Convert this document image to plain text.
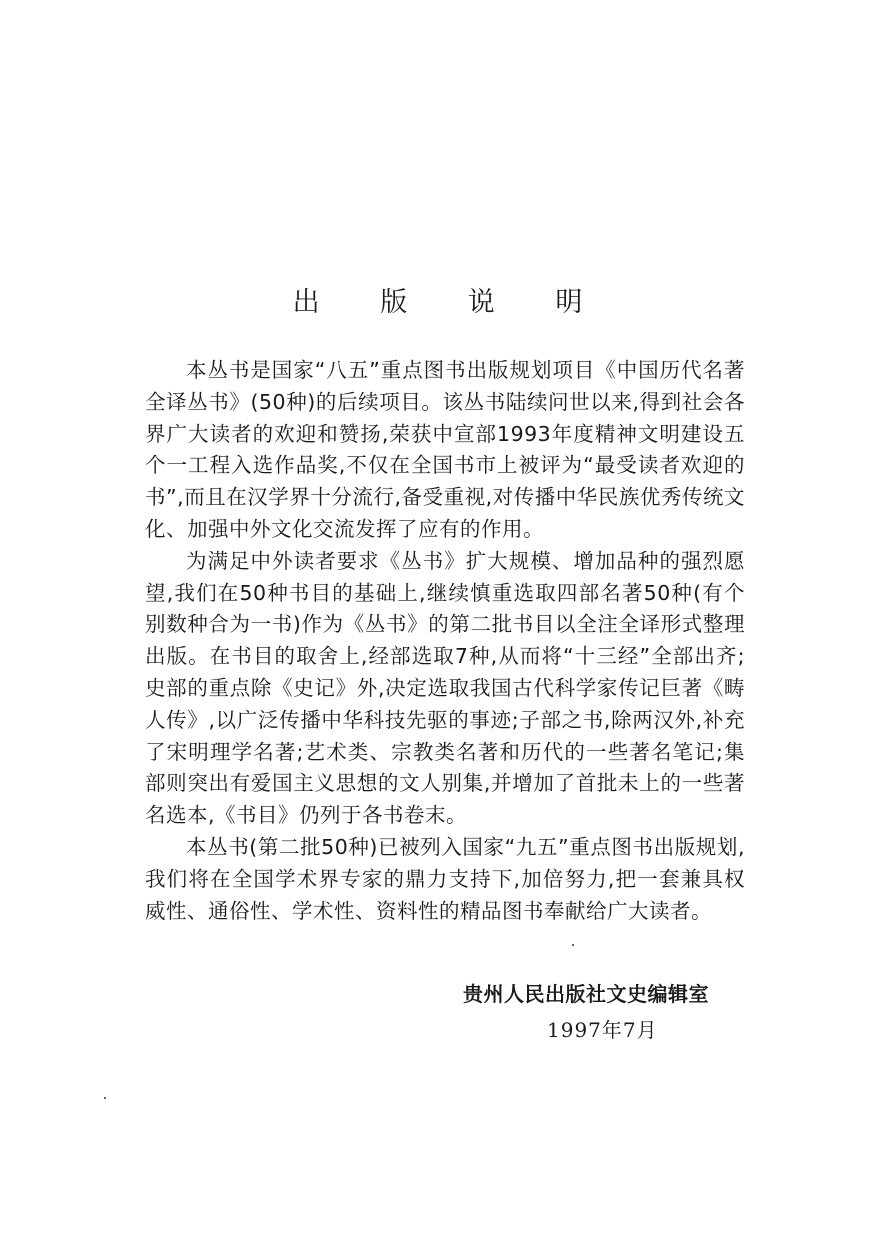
出 版 说 明

本丛书是国家“八五”重点图书出版规划项目《中国历代名著全译丛书》(50种)的后续项目。该丛书陆续问世以来,得到社会各界广大读者的欢迎和赞扬,荣获中宣部1993年度精神文明建设五个一工程入选作品奖,不仅在全国书市上被评为“最受读者欢迎的书”,而且在汉学界十分流行,备受重视,对传播中华民族优秀传统文化、加强中外文化交流发挥了应有的作用。

为满足中外读者要求《丛书》扩大规模、增加品种的强烈愿望,我们在50种书目的基础上,继续慎重选取四部名著50种(有个别数种合为一书)作为《丛书》的第二批书目以全注全译形式整理出版。在书目的取舍上,经部选取7种,从而将“十三经”全部出齐;史部的重点除《史记》外,决定选取我国古代科学家传记巨著《畴人传》,以广泛传播中华科技先驱的事迹;子部之书,除两汉外,补充了宋明理学名著;艺术类、宗教类名著和历代的一些著名笔记;集部则突出有爱国主义思想的文人别集,并增加了首批未上的一些著名选本,《书目》仍列于各书卷末。

本丛书(第二批50种)已被列入国家“九五”重点图书出版规划,我们将在全国学术界专家的鼎力支持下,加倍努力,把一套兼具权威性、通俗性、学术性、资料性的精品图书奉献给广大读者。

贵州人民出版社文史编辑室
1997年7月
